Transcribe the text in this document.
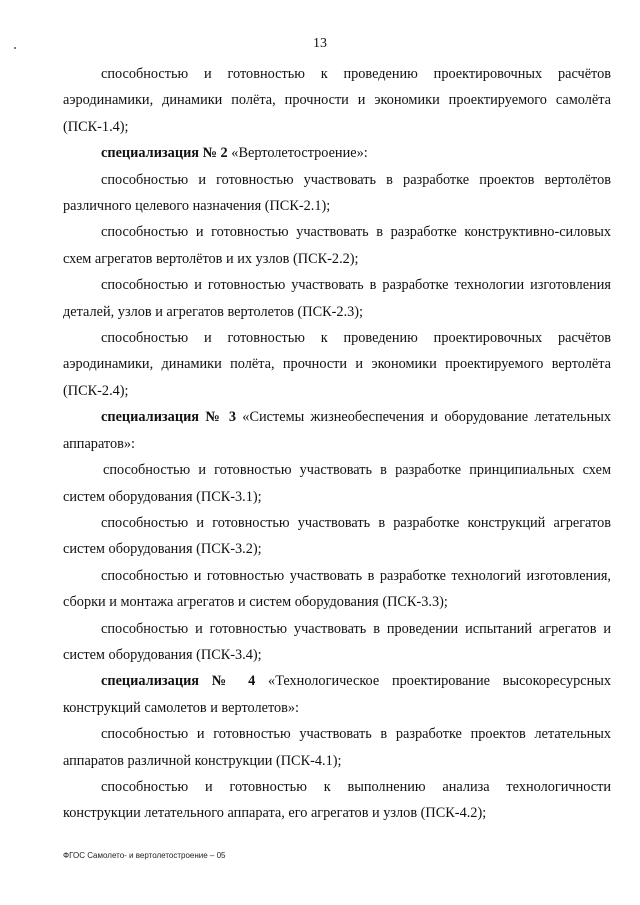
13

способностью и готовностью к проведению проектировочных расчётов аэродинамики, динамики полёта, прочности и экономики проектируемого самолёта (ПСК-1.4);

специализация № 2 «Вертолетостроение»:

способностью и готовностью участвовать в разработке проектов вертолётов различного целевого назначения (ПСК-2.1);

способностью и готовностью участвовать в разработке конструктивно-силовых схем агрегатов вертолётов и их узлов (ПСК-2.2);

способностью и готовностью участвовать в разработке технологии изготовления деталей, узлов и агрегатов вертолетов (ПСК-2.3);

способностью и готовностью к проведению проектировочных расчётов аэродинамики, динамики полёта, прочности и экономики проектируемого вертолёта (ПСК-2.4);

специализация № 3 «Системы жизнеобеспечения и оборудование летательных аппаратов»:

способностью и готовностью участвовать в разработке принципиальных схем систем оборудования (ПСК-3.1);

способностью и готовностью участвовать в разработке конструкций агрегатов систем оборудования (ПСК-3.2);

способностью и готовностью участвовать в разработке технологий изготовления, сборки и монтажа агрегатов и систем оборудования (ПСК-3.3);

способностью и готовностью участвовать в проведении испытаний агрегатов и систем оборудования (ПСК-3.4);

специализация № 4 «Технологическое проектирование высокоресурсных конструкций самолетов и вертолетов»:

способностью и готовностью участвовать в разработке проектов летательных аппаратов различной конструкции (ПСК-4.1);

способностью и готовностью к выполнению анализа технологичности конструкции летательного аппарата, его агрегатов и узлов (ПСК-4.2);

ФГОС Самолето- и вертолетостроение – 05
